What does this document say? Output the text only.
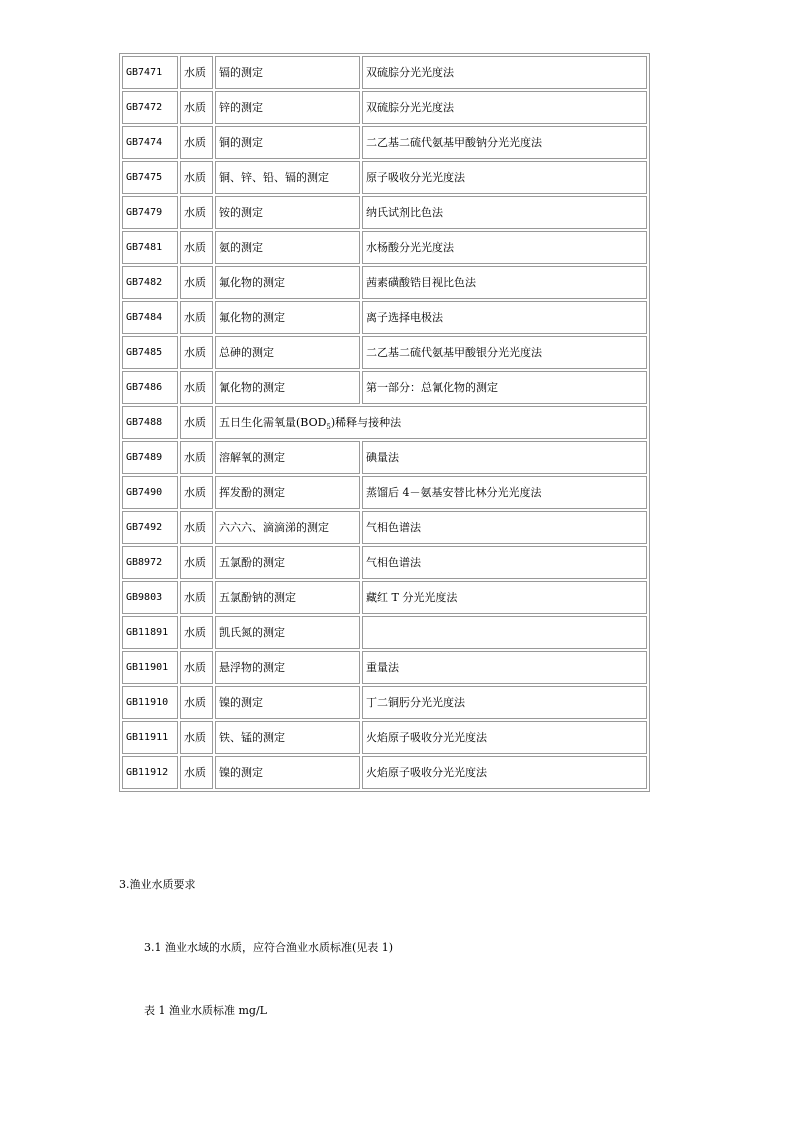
GB7471	水质	镉的测定	双硫腙分光光度法
GB7472	水质	锌的测定	双硫腙分光光度法
GB7474	水质	铜的测定	二乙基二硫代氨基甲酸钠分光光度法
GB7475	水质	铜、锌、铅、镉的测定	原子吸收分光光度法
GB7479	水质	铵的测定	纳氏试剂比色法
GB7481	水质	氨的测定	水杨酸分光光度法
GB7482	水质	氟化物的测定	茜素磺酸锆目视比色法
GB7484	水质	氟化物的测定	离子选择电极法
GB7485	水质	总砷的测定	二乙基二硫代氨基甲酸银分光光度法
GB7486	水质	氰化物的测定	第一部分：总氰化物的测定
GB7488	水质	五日生化需氧量$(BOD_5)$稀释与接种法	
GB7489	水质	溶解氧的测定	碘量法
GB7490	水质	挥发酚的测定	蒸馏后 4－氨基安替比林分光光度法
GB7492	水质	六六六、滴滴涕的测定	气相色谱法
GB8972	水质	五氯酚的测定	气相色谱法
GB9803	水质	五氯酚钠的测定	藏红 T 分光光度法
GB11891	水质	凯氏氮的测定	
GB11901	水质	悬浮物的测定	重量法
GB11910	水质	镍的测定	丁二铜肟分光光度法
GB11911	水质	铁、锰的测定	火焰原子吸收分光光度法
GB11912	水质	镍的测定	火焰原子吸收分光光度法

3.渔业水质要求

3.1 渔业水域的水质，应符合渔业水质标准(见表 1)

表 1 渔业水质标准 mg/L
